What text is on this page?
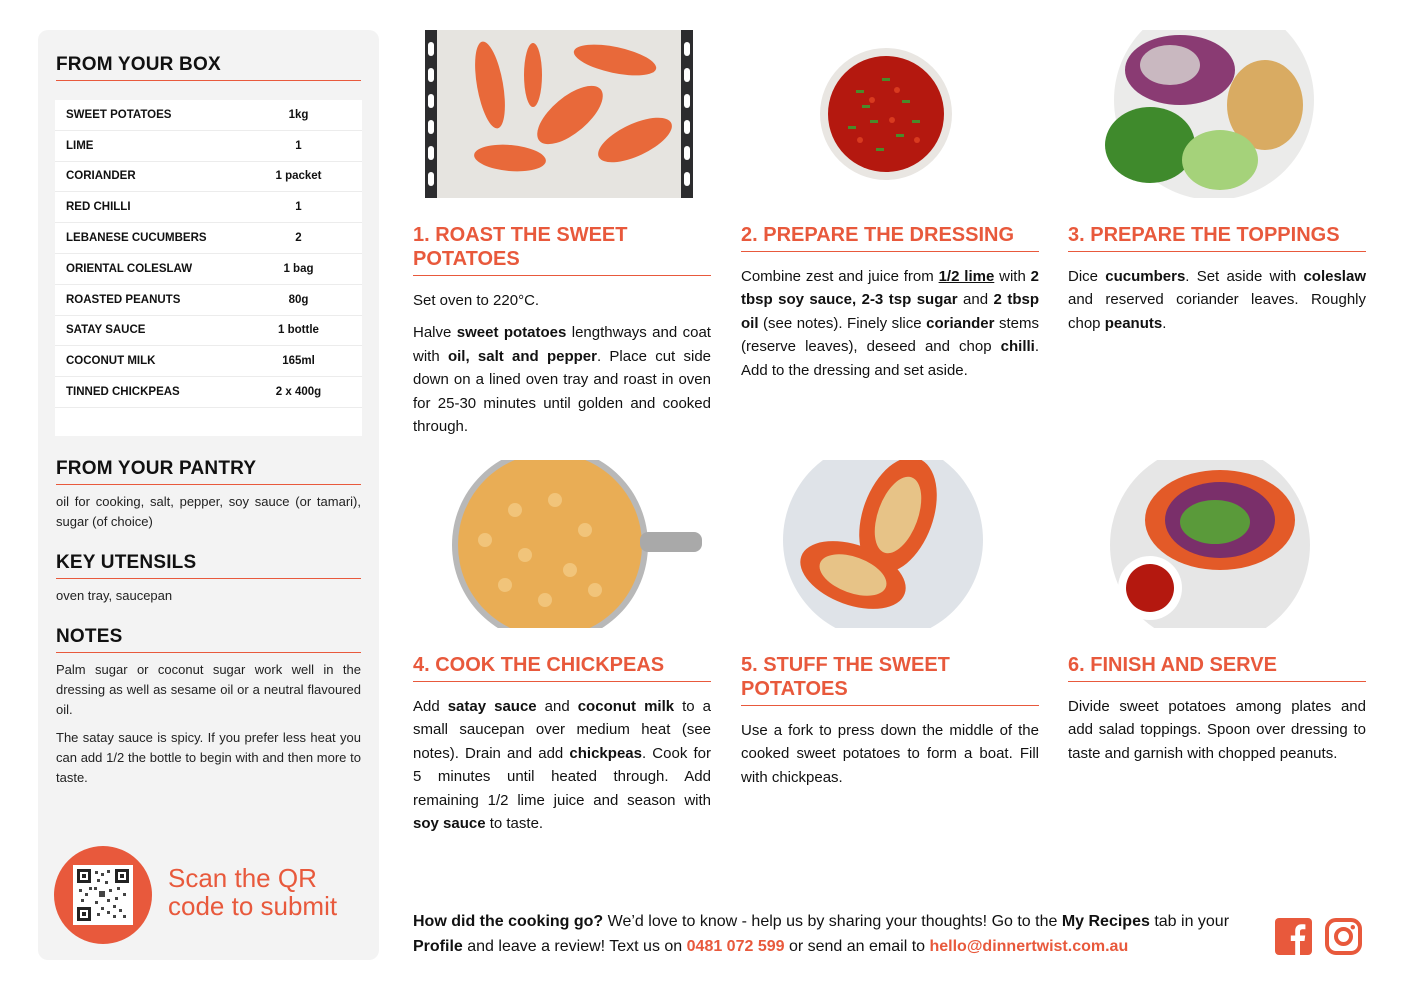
FROM YOUR BOX
SWEET POTATOES	1kg
LIME	1
CORIANDER	1 packet
RED CHILLI	1
LEBANESE CUCUMBERS	2
ORIENTAL COLESLAW	1 bag
ROASTED PEANUTS	80g
SATAY SAUCE	1 bottle
COCONUT MILK	165ml
TINNED CHICKPEAS	2 x 400g
FROM YOUR PANTRY
oil for cooking, salt, pepper, soy sauce (or tamari), sugar (of choice)
KEY UTENSILS
oven tray, saucepan
NOTES
Palm sugar or coconut sugar work well in the dressing as well as sesame oil or a neutral flavoured oil.
The satay sauce is spicy. If you prefer less heat you can add 1/2 the bottle to begin with and then more to taste.
Scan the QR
code to submit
1. ROAST THE SWEET POTATOES

Set oven to 220°C.

Halve sweet potatoes lengthways and coat with oil, salt and pepper. Place cut side down on a lined oven tray and roast in oven for 25-30 minutes until golden and cooked through.

2. PREPARE THE DRESSING

Combine zest and juice from 1/2 lime with 2 tbsp soy sauce, 2-3 tsp sugar and 2 tbsp oil (see notes). Finely slice coriander stems (reserve leaves), deseed and chop chilli. Add to the dressing and set aside.

3. PREPARE THE TOPPINGS

Dice cucumbers. Set aside with coleslaw and reserved coriander leaves. Roughly chop peanuts.

4. COOK THE CHICKPEAS

Add satay sauce and coconut milk to a small saucepan over medium heat (see notes). Drain and add chickpeas. Cook for 5 minutes until heated through. Add remaining 1/2 lime juice and season with soy sauce to taste.

5. STUFF THE SWEET POTATOES
Use a fork to press down the middle of the cooked sweet potatoes to form a boat. Fill with chickpeas.
6. FINISH AND SERVE
Divide sweet potatoes among plates and add salad toppings. Spoon over dressing to taste and garnish with chopped peanuts.
How did the cooking go? We’d love to know - help us by sharing your thoughts! Go to the My Recipes tab in your Profile and leave a review! Text us on 0481 072 599 or send an email to hello@dinnertwist.com.au
